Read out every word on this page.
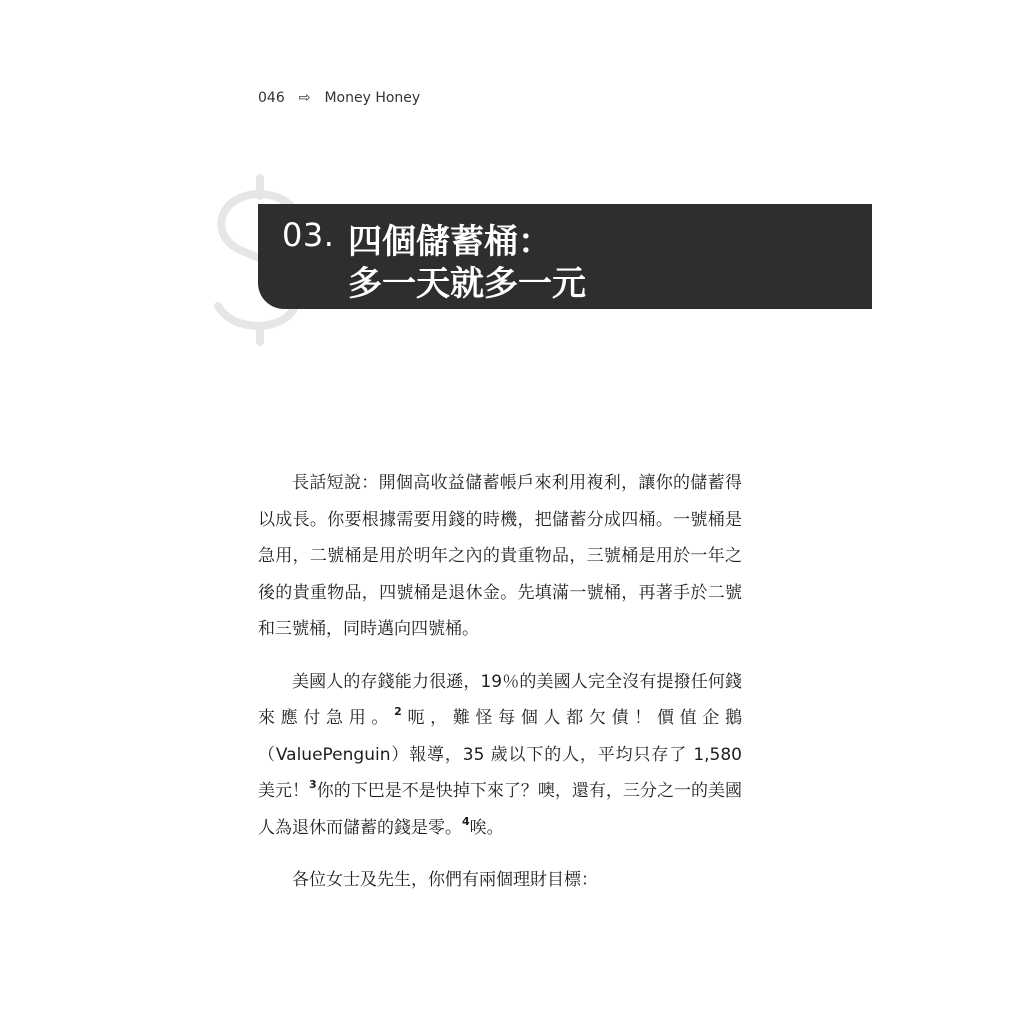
046 ⇨ Money Honey
03. 四個儲蓄桶：
多一天就多一元

長話短說：開個高收益儲蓄帳戶來利用複利，讓你的儲蓄得以成長。你要根據需要用錢的時機，把儲蓄分成四桶。一號桶是急用，二號桶是用於明年之內的貴重物品，三號桶是用於一年之後的貴重物品，四號桶是退休金。先填滿一號桶，再著手於二號和三號桶，同時邁向四號桶。

美國人的存錢能力很遜，19％的美國人完全沒有提撥任何錢來應付急用。$^2$呃，難怪每個人都欠債！價值企鵝（ValuePenguin）報導，35 歲以下的人，平均只存了 1,580 美元！$^3$你的下巴是不是快掉下來了？噢，還有，三分之一的美國人為退休而儲蓄的錢是零。$^4$唉。

各位女士及先生，你們有兩個理財目標：
